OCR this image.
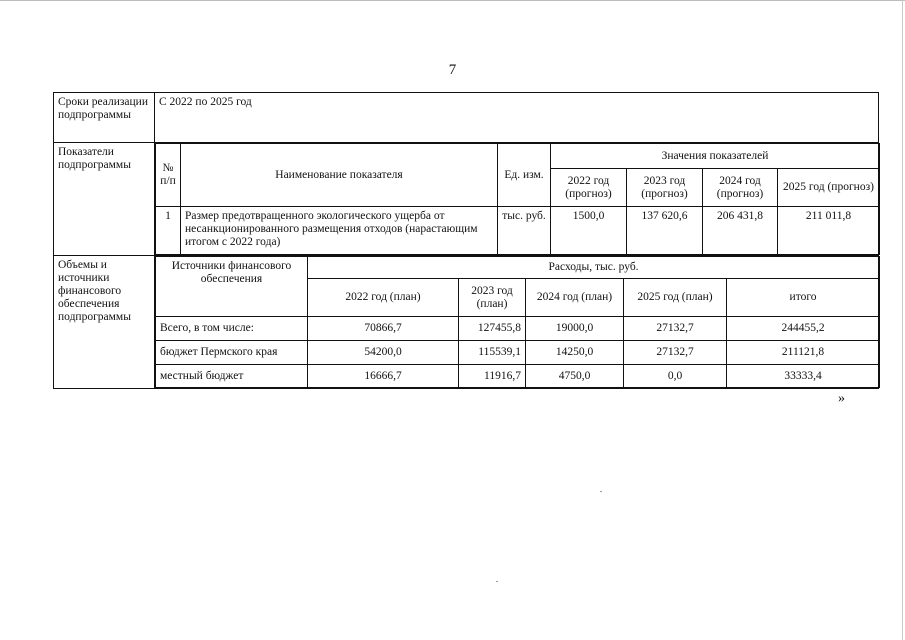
7
Сроки реализации подпрограммы	С 2022 по 2025 год
Показатели подпрограммы		№ п/п	Наименование показателя	Ед. изм.	Значения показателей
2022 год (прогноз)	2023 год (прогноз)	2024 год (прогноз)	2025 год (прогноз)
1	Размер предотвращенного экологического ущерба от несанкционированного размещения отходов (нарастающим итогом с 2022 года)	тыс. руб.	1500,0	137 620,6	206 431,8	211 011,8

Объемы и источники финансового обеспечения подпрограммы	
Источники финансового обеспечения	Расходы, тыс. руб.
2022 год (план)	2023 год (план)	2024 год (план)	2025 год (план)	итого
Всего, в том числе:	70866,7	127455,8	19000,0	27132,7	244455,2
бюджет Пермского края	54200,0	115539,1	14250,0	27132,7	211121,8
местный бюджет	16666,7	11916,7	4750,0	0,0	33333,4
»
